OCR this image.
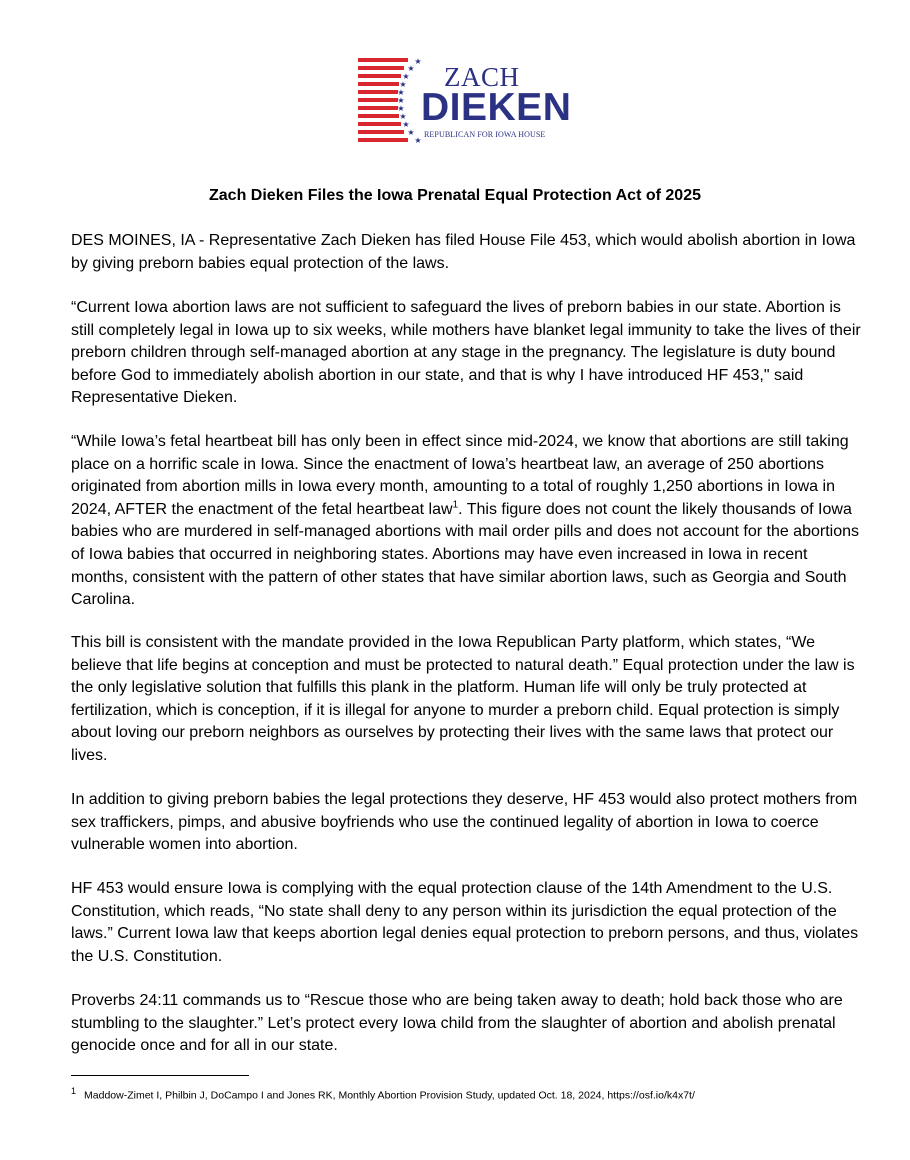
★
★
★
★
★
★
★
★
★
★
★
ZACH
DIEKEN
REPUBLICAN FOR IOWA HOUSE
Zach Dieken Files the Iowa Prenatal Equal Protection Act of 2025

DES MOINES, IA - Representative Zach Dieken has filed House File 453, which would abolish abortion in Iowa by giving preborn babies equal protection of the laws.

“Current Iowa abortion laws are not sufficient to safeguard the lives of preborn babies in our state. Abortion is still completely legal in Iowa up to six weeks, while mothers have blanket legal immunity to take the lives of their preborn children through self-managed abortion at any stage in the pregnancy. The legislature is duty bound before God to immediately abolish abortion in our state, and that is why I have introduced HF 453," said Representative Dieken.

“While Iowa’s fetal heartbeat bill has only been in effect since mid-2024, we know that abortions are still taking place on a horrific scale in Iowa. Since the enactment of Iowa’s heartbeat law, an average of 250 abortions originated from abortion mills in Iowa every month, amounting to a total of roughly 1,250 abortions in Iowa in 2024, AFTER the enactment of the fetal heartbeat law$^1$. This figure does not count the likely thousands of Iowa babies who are murdered in self-managed abortions with mail order pills and does not account for the abortions of Iowa babies that occurred in neighboring states. Abortions may have even increased in Iowa in recent months, consistent with the pattern of other states that have similar abortion laws, such as Georgia and South Carolina.

This bill is consistent with the mandate provided in the Iowa Republican Party platform, which states, “We believe that life begins at conception and must be protected to natural death.” Equal protection under the law is the only legislative solution that fulfills this plank in the platform. Human life will only be truly protected at fertilization, which is conception, if it is illegal for anyone to murder a preborn child. Equal protection is simply about loving our preborn neighbors as ourselves by protecting their lives with the same laws that protect our lives.

In addition to giving preborn babies the legal protections they deserve, HF 453 would also protect mothers from sex traffickers, pimps, and abusive boyfriends who use the continued legality of abortion in Iowa to coerce vulnerable women into abortion.

HF 453 would ensure Iowa is complying with the equal protection clause of the 14th Amendment to the U.S. Constitution, which reads, “No state shall deny to any person within its jurisdiction the equal protection of the laws.” Current Iowa law that keeps abortion legal denies equal protection to preborn persons, and thus, violates the U.S. Constitution.

Proverbs 24:11 commands us to “Rescue those who are being taken away to death; hold back those who are stumbling to the slaughter.” Let’s protect every Iowa child from the slaughter of abortion and abolish prenatal genocide once and for all in our state.

1 Maddow-Zimet I, Philbin J, DoCampo I and Jones RK, Monthly Abortion Provision Study, updated Oct. 18, 2024, https://osf.io/k4x7t/
